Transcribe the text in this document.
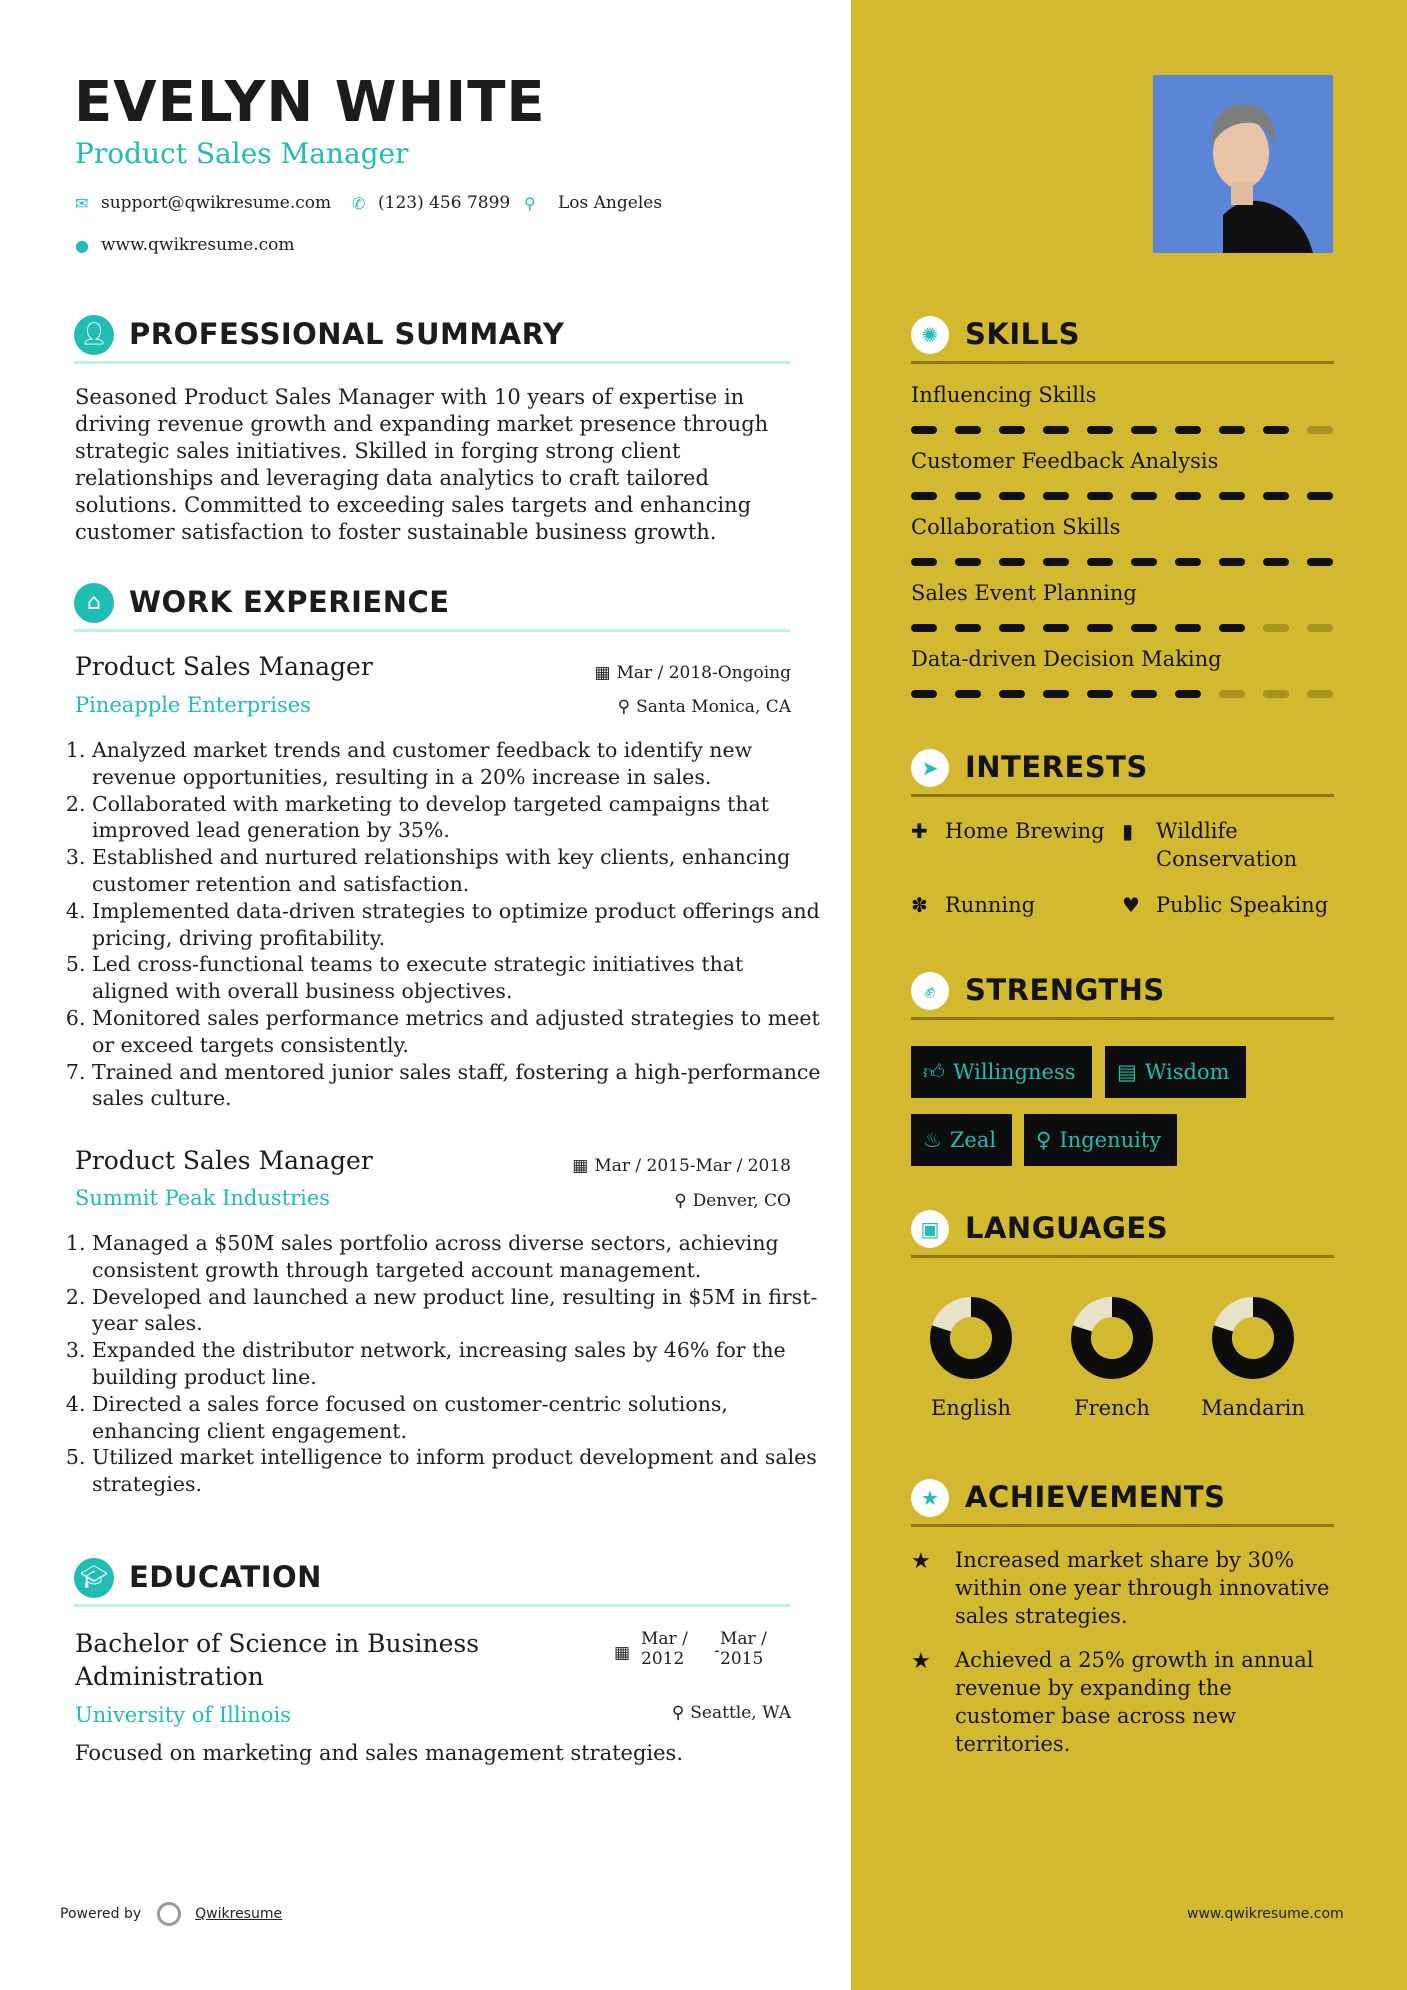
EVELYN WHITE
Product Sales Manager
✉ support@qwikresume.com ✆ (123) 456 7899 ⚲	Los Angeles
● www.qwikresume.com
👤︎ PROFESSIONAL SUMMARY
Seasoned Product Sales Manager with 10 years of expertise in driving revenue growth and expanding market presence through strategic sales initiatives. Skilled in forging strong client relationships and leveraging data analytics to craft tailored solutions. Committed to exceeding sales targets and enhancing customer satisfaction to foster sustainable business growth.
⌂ WORK EXPERIENCE
Product Sales Manager
Pineapple Enterprises
▦ Mar / 2018-Ongoing
⚲ Santa Monica, CA
1. Analyzed market trends and customer feedback to identify new revenue opportunities, resulting in a 20% increase in sales.
2. Collaborated with marketing to develop targeted campaigns that improved lead generation by 35%.
3. Established and nurtured relationships with key clients, enhancing customer retention and satisfaction.
4. Implemented data-driven strategies to optimize product offerings and pricing, driving profitability.
5. Led cross-functional teams to execute strategic initiatives that aligned with overall business objectives.
6. Monitored sales performance metrics and adjusted strategies to meet or exceed targets consistently.
7. Trained and mentored junior sales staff, fostering a high-performance sales culture.
Product Sales Manager
Summit Peak Industries
▦ Mar / 2015-Mar / 2018
⚲ Denver, CO
1. Managed a $50M sales portfolio across diverse sectors, achieving consistent growth through targeted account management.
2. Developed and launched a new product line, resulting in $5M in first-year sales.
3. Expanded the distributor network, increasing sales by 46% for the building product line.
4. Directed a sales force focused on customer-centric solutions, enhancing client engagement.
5. Utilized market intelligence to inform product development and sales strategies.
🎓︎ EDUCATION
Bachelor of Science in Business Administration
University of Illinois
▦
Mar / 2012	-
Mar / 2015
⚲ Seattle, WA
Focused on marketing and sales management strategies.
✺ SKILLS
Influencing Skills
Customer Feedback Analysis
Collaboration Skills
Sales Event Planning
Data-driven Decision Making
➤ INTERESTS
✚ Home Brewing ▮ Wildlife Conservation
✽ Running	♥ Public Speaking
✊︎	STRENGTHS
👍︎ Willingness	▤ Wisdom
♨ Zeal	♀ Ingenuity
▣ LANGUAGES
English	French	Mandarin
★ ACHIEVEMENTS
★ Increased market share by 30% within one year through innovative sales strategies.
★ Achieved a 25% growth in annual revenue by expanding the customer base across new territories.
Powered by	Qwikresume	www.qwikresume.com
